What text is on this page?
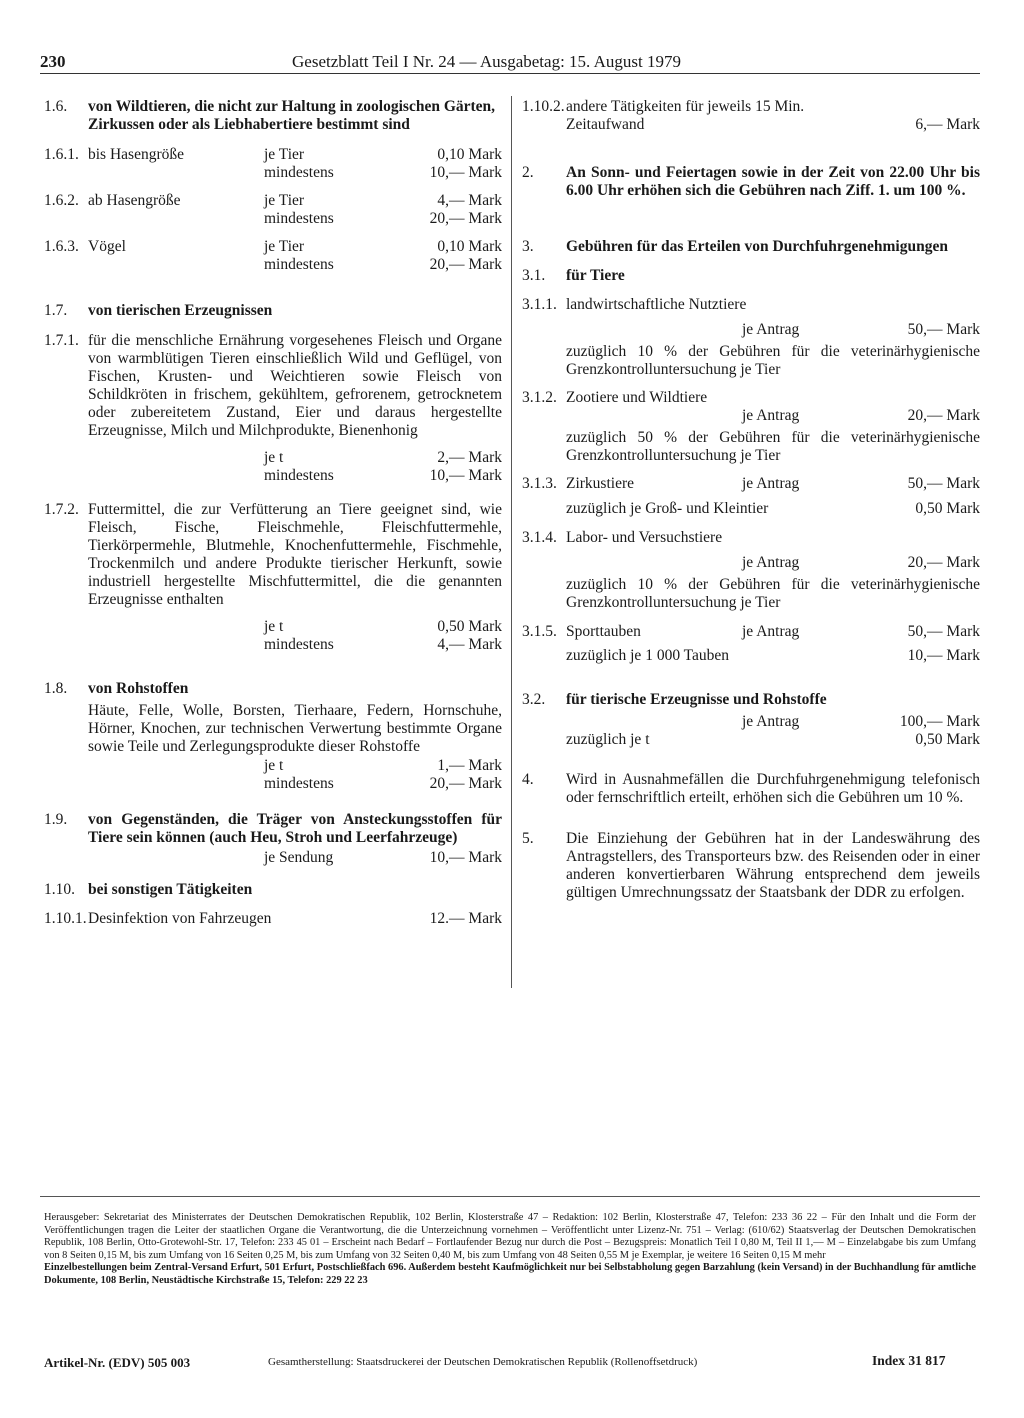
230	Gesetzblatt Teil I Nr. 24 — Ausgabetag: 15. August 1979
1.6. von Wildtieren, die nicht zur Haltung in zoologischen Gärten, Zirkussen oder als Liebhabertiere bestimmt sind
1.6.1. bis Hasengröße	je Tier	0,10 Mark
mindestens	10,— Mark
1.6.2. ab Hasengröße	je Tier	4,— Mark
mindestens	20,— Mark
1.6.3. Vögel	je Tier	0,10 Mark
mindestens	20,— Mark
1.7. von tierischen Erzeugnissen
1.7.1. für die menschliche Ernährung vorgesehenes Fleisch und Organe von warmblütigen Tieren einschließlich Wild und Geflügel, von Fischen, Krusten- und Weichtieren sowie Fleisch von Schildkröten in frischem, gekühltem, gefrorenem, getrocknetem oder zubereitetem Zustand, Eier und daraus hergestellte Erzeugnisse, Milch und Milchprodukte, Bienenhonig
je t	2,— Mark
mindestens	10,— Mark
1.7.2. Futtermittel, die zur Verfütterung an Tiere geeignet sind, wie Fleisch, Fische, Fleischmehle, Fleischfuttermehle, Tierkörpermehle, Blutmehle, Knochenfuttermehle, Fischmehle, Trockenmilch und andere Produkte tierischer Herkunft, sowie industriell hergestellte Mischfuttermittel, die die genannten Erzeugnisse enthalten
je t	0,50 Mark
mindestens	4,— Mark
1.8. von Rohstoffen
Häute, Felle, Wolle, Borsten, Tierhaare, Federn, Hornschuhe, Hörner, Knochen, zur technischen Verwertung bestimmte Organe sowie Teile und Zerlegungsprodukte dieser Rohstoffe
je t	1,— Mark
mindestens	20,— Mark
1.9. von Gegenständen, die Träger von Ansteckungsstoffen für Tiere sein können (auch Heu, Stroh und Leerfahrzeuge)
je Sendung	10,— Mark
1.10. bei sonstigen Tätigkeiten
1.10.1. Desinfektion von Fahrzeugen	12.— Mark
1.10.2. andere Tätigkeiten für jeweils 15 Min. Zeitaufwand	6,— Mark
2. An Sonn- und Feiertagen sowie in der Zeit von 22.00 Uhr bis 6.00 Uhr erhöhen sich die Gebühren nach Ziff. 1. um 100 %.
3. Gebühren für das Erteilen von Durchfuhrgenehmigungen
3.1. für Tiere
3.1.1. landwirtschaftliche Nutztiere
je Antrag	50,— Mark
zuzüglich 10 % der Gebühren für die veterinärhygienische Grenzkontrolluntersuchung je Tier
3.1.2. Zootiere und Wildtiere
je Antrag	20,— Mark
zuzüglich 50 % der Gebühren für die veterinärhygienische Grenzkontrolluntersuchung je Tier
3.1.3. Zirkustiere	je Antrag	50,— Mark
zuzüglich je Groß- und Kleintier	0,50 Mark
3.1.4. Labor- und Versuchstiere
je Antrag	20,— Mark
zuzüglich 10 % der Gebühren für die veterinärhygienische Grenzkontrolluntersuchung je Tier
3.1.5. Sporttauben	je Antrag	50,— Mark
zuzüglich je 1 000 Tauben	10,— Mark
3.2. für tierische Erzeugnisse und Rohstoffe
je Antrag	100,— Mark
zuzüglich je t	0,50 Mark
4. Wird in Ausnahmefällen die Durchfuhrgenehmigung telefonisch oder fernschriftlich erteilt, erhöhen sich die Gebühren um 10 %.
5. Die Einziehung der Gebühren hat in der Landeswährung des Antragstellers, des Transporteurs bzw. des Reisenden oder in einer anderen konvertierbaren Währung entsprechend dem jeweils gültigen Umrechnungssatz der Staatsbank der DDR zu erfolgen.

Herausgeber: Sekretariat des Ministerrates der Deutschen Demokratischen Republik, 102 Berlin, Klosterstraße 47 – Redaktion: 102 Berlin, Klosterstraße 47, Telefon: 233 36 22 – Für den Inhalt und die Form der Veröffentlichungen tragen die Leiter der staatlichen Organe die Verantwortung, die die Unterzeichnung vornehmen – Veröffentlicht unter Lizenz-Nr. 751 – Verlag: (610/62) Staatsverlag der Deutschen Demokratischen Republik, 108 Berlin, Otto-Grotewohl-Str. 17, Telefon: 233 45 01 – Erscheint nach Bedarf – Fortlaufender Bezug nur durch die Post – Bezugspreis: Monatlich Teil I 0,80 M, Teil II 1,— M – Einzelabgabe bis zum Umfang von 8 Seiten 0,15 M, bis zum Umfang von 16 Seiten 0,25 M, bis zum Umfang von 32 Seiten 0,40 M, bis zum Umfang von 48 Seiten 0,55 M je Exemplar, je weitere 16 Seiten 0,15 M mehr

Einzelbestellungen beim Zentral-Versand Erfurt, 501 Erfurt, Postschließfach 696. Außerdem besteht Kaufmöglichkeit nur bei Selbstabholung gegen Barzahlung (kein Versand) in der Buchhandlung für amtliche Dokumente, 108 Berlin, Neustädtische Kirchstraße 15, Telefon: 229 22 23

Artikel-Nr. (EDV) 505 003	Gesamtherstellung: Staatsdruckerei der Deutschen Demokratischen Republik (Rollenoffsetdruck)	Index 31 817
